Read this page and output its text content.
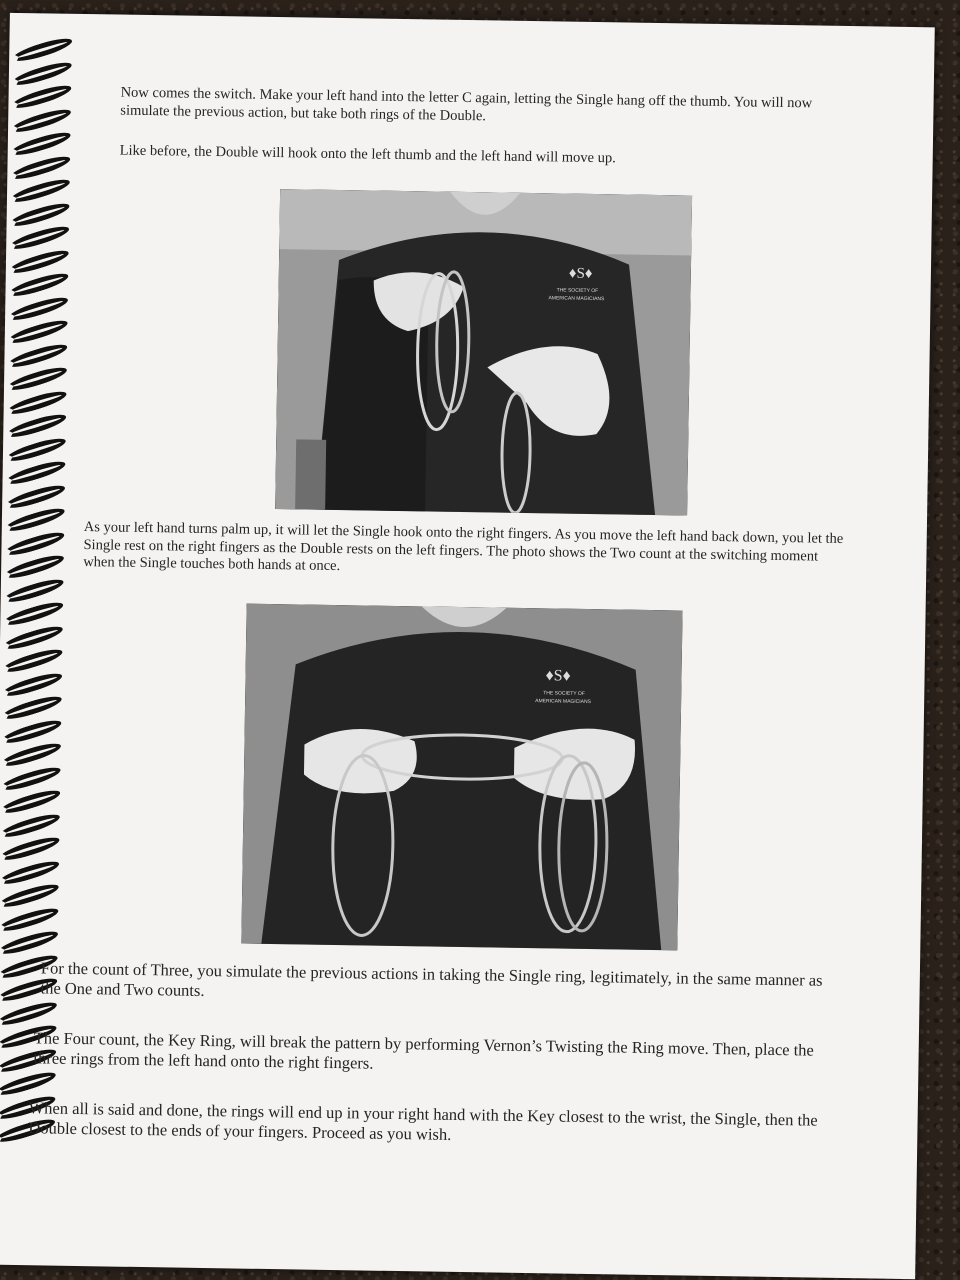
Now comes the switch. Make your left hand into the letter C again, letting the Single hang off the thumb. You will now simulate the previous action, but take both rings of the Double.

Like before, the Double will hook onto the left thumb and the left hand will move up.

♦S♦
THE SOCIETY OF
AMERICAN MAGICIANS

As your left hand turns palm up, it will let the Single hook onto the right fingers. As you move the left hand back down, you let the Single rest on the right fingers as the Double rests on the left fingers. The photo shows the Two count at the switching moment when the Single touches both hands at once.

♦S♦
THE SOCIETY OF
AMERICAN MAGICIANS

For the count of Three, you simulate the previous actions in taking the Single ring, legitimately, in the same manner as the One and Two counts.

The Four count, the Key Ring, will break the pattern by performing Vernon’s Twisting the Ring move. Then, place the three rings from the left hand onto the right fingers.

When all is said and done, the rings will end up in your right hand with the Key closest to the wrist, the Single, then the Double closest to the ends of your fingers. Proceed as you wish.
